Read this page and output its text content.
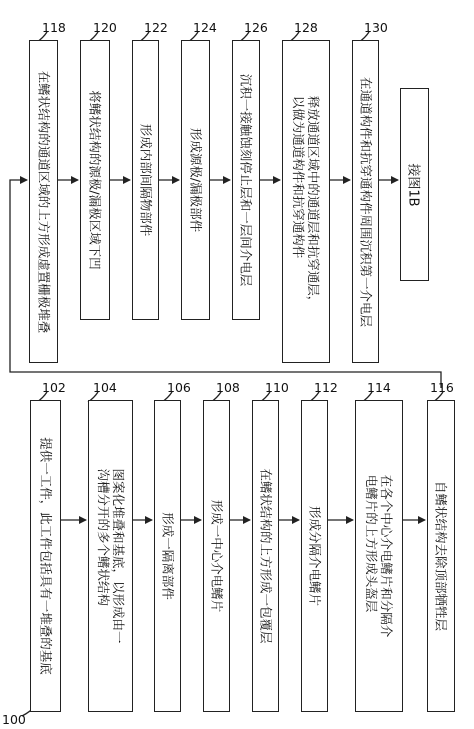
在鳍状结构的通道区域的上方形成虚置栅极堆叠	将鳍状结构的源极/漏极区域下凹	形成内部间隔物部件	形成源极/漏极部件	沉积一接触蚀刻停止层和一层间介电层	释放通道区域中的通道层和抗穿通层，
以做为通道构件和抗穿通构件	在通道构件和抗穿通构件周围沉积第一介电层 接图1B
提供一工件，此工件包括具有一堆叠的基底	图案化堆叠和基底，以形成由一
沟槽分开的多个鳍状结构	形成一隔离部件	形成一中心介电鳍片	在鳍状结构的上方形成一包覆层	形成分隔介电鳍片	在各个中心介电鳍片和分隔介
电鳍片的上方形成头盔层	自鳍状结构去除顶部牺牲层
118 120 122 124 126 128	130
102 104	106 108 110 112 114	116
100
